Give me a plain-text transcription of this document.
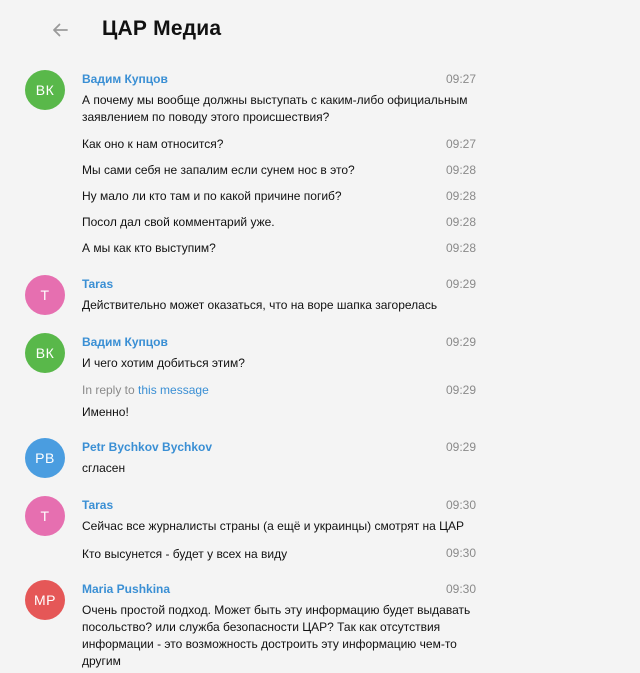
ЦАР Медиа
ВК
Вадим Купцов	09:27
А почему мы вообще должны выступать с каким-либо официальным заявлением по поводу этого происшествия?
Как оно к нам относится?	09:27
Мы сами себя не запалим если сунем нос в это?	09:28
Ну мало ли кто там и по какой причине погиб?	09:28
Посол дал свой комментарий уже.	09:28
А мы как кто выступим?	09:28
T
Taras	09:29
Действительно может оказаться, что на воре шапка загорелась
ВК
Вадим Купцов	09:29
И чего хотим добиться этим?
In reply to this message	09:29
Именно!
PB
Petr Bychkov Bychkov	09:29
сгласен
T
Taras	09:30
Сейчас все журналисты страны (а ещё и украинцы) смотрят на ЦАР
Кто высунется - будет у всех на виду	09:30
MP
Maria Pushkina	09:30
Очень простой подход. Может быть эту информацию будет выдавать посольство? или служба безопасности ЦАР? Так как отсутствия информации - это возможность достроить эту информацию чем-то другим
